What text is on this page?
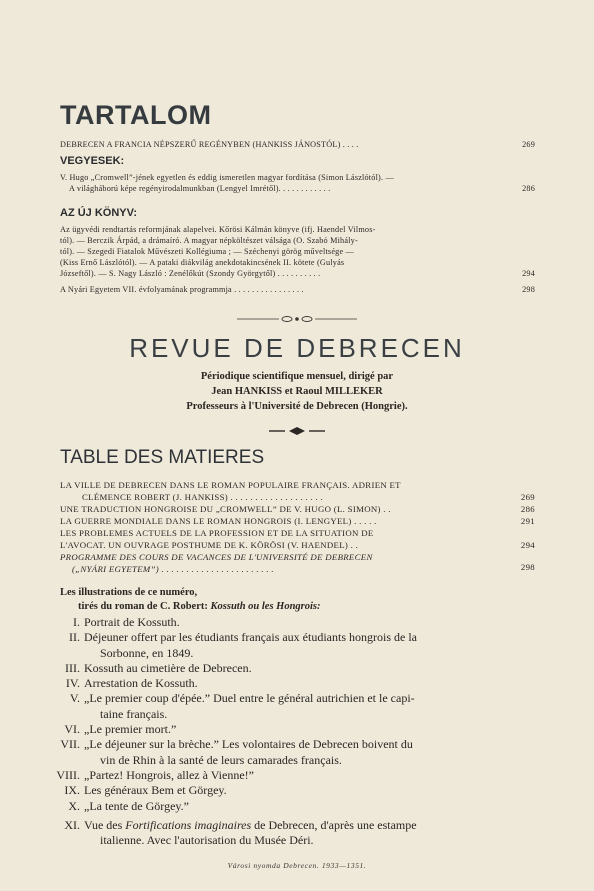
TARTALOM
DEBRECEN A FRANCIA NÉPSZERŰ REGÉNYBEN (HANKISS JÁNOSTÓL) . . . .	269
VEGYESEK:
V. Hugo „Cromwell”-jének egyetlen és eddig ismeretlen magyar fordítása (Simon Lászlótól). —
A világháború képe regényirodalmunkban (Lengyel Imrétől). . . . . . . . . . . .	286
AZ ÚJ KÖNYV:
Az ügyvédi rendtartás reformjának alapelvei. Kőrösi Kálmán könyve (ifj. Haendel Vilmos-
tól). — Berczik Árpád, a drámaíró. A magyar népköltészet válsága (O. Szabó Mihály-
tól). — Szegedi Fiatalok Művészeti Kollégiuma ; — Széchenyi görög műveltsége —
(Kiss Ernő Lászlótól). — A pataki diákvilág anekdotakincsének II. kötete (Gulyás
Józseftől). — S. Nagy László : Zenélőkút (Szondy Györgytől) . . . . . . . . . .	294
A Nyári Egyetem VII. évfolyamának programmja . . . . . . . . . . . . . . . .	298
REVUE DE DEBRECEN
Périodique scientifique mensuel, dirigé par
Jean HANKISS et Raoul MILLEKER
Professeurs à l'Université de Debrecen (Hongrie).
TABLE DES MATIERES
LA VILLE DE DEBRECEN DANS LE ROMAN POPULAIRE FRANÇAIS. ADRIEN ET
CLÉMENCE ROBERT (J. HANKISS) . . . . . . . . . . . . . . . . . . .	269
UNE TRADUCTION HONGROISE DU „CROMWELL” DE V. HUGO (L. SIMON) . .	286
LA GUERRE MONDIALE DANS LE ROMAN HONGROIS (I. LENGYEL) . . . . .	291
LES PROBLEMES ACTUELS DE LA PROFESSION ET DE LA SITUATION DE
L'AVOCAT. UN OUVRAGE POSTHUME DE K. KÖRÖSI (V. HAENDEL) . .	294
PROGRAMME DES COURS DE VACANCES DE L'UNIVERSITÉ DE DEBRECEN
(„NYÁRI EGYETEM”) . . . . . . . . . . . . . . . . . . . . . . .	298
Les illustrations de ce numéro,
tirés du roman de C. Robert: Kossuth ou les Hongrois:
I. Portrait de Kossuth.
II. Déjeuner offert par les étudiants français aux étudiants hongrois de la
Sorbonne, en 1849.
III. Kossuth au cimetière de Debrecen.
IV. Arrestation de Kossuth.
V. „Le premier coup d'épée.” Duel entre le général autrichien et le capi-
taine français.
VI. „Le premier mort.”
VII. „Le déjeuner sur la brèche.” Les volontaires de Debrecen boivent du
vin de Rhin à la santé de leurs camarades français.
VIII. „Partez! Hongrois, allez à Vienne!”
IX. Les généraux Bem et Görgey.
X. „La tente de Görgey.”
XI. Vue des Fortifications imaginaires de Debrecen, d'après une estampe
italienne. Avec l'autorisation du Musée Déri.
Városi nyomda Debrecen. 1933—1351.
